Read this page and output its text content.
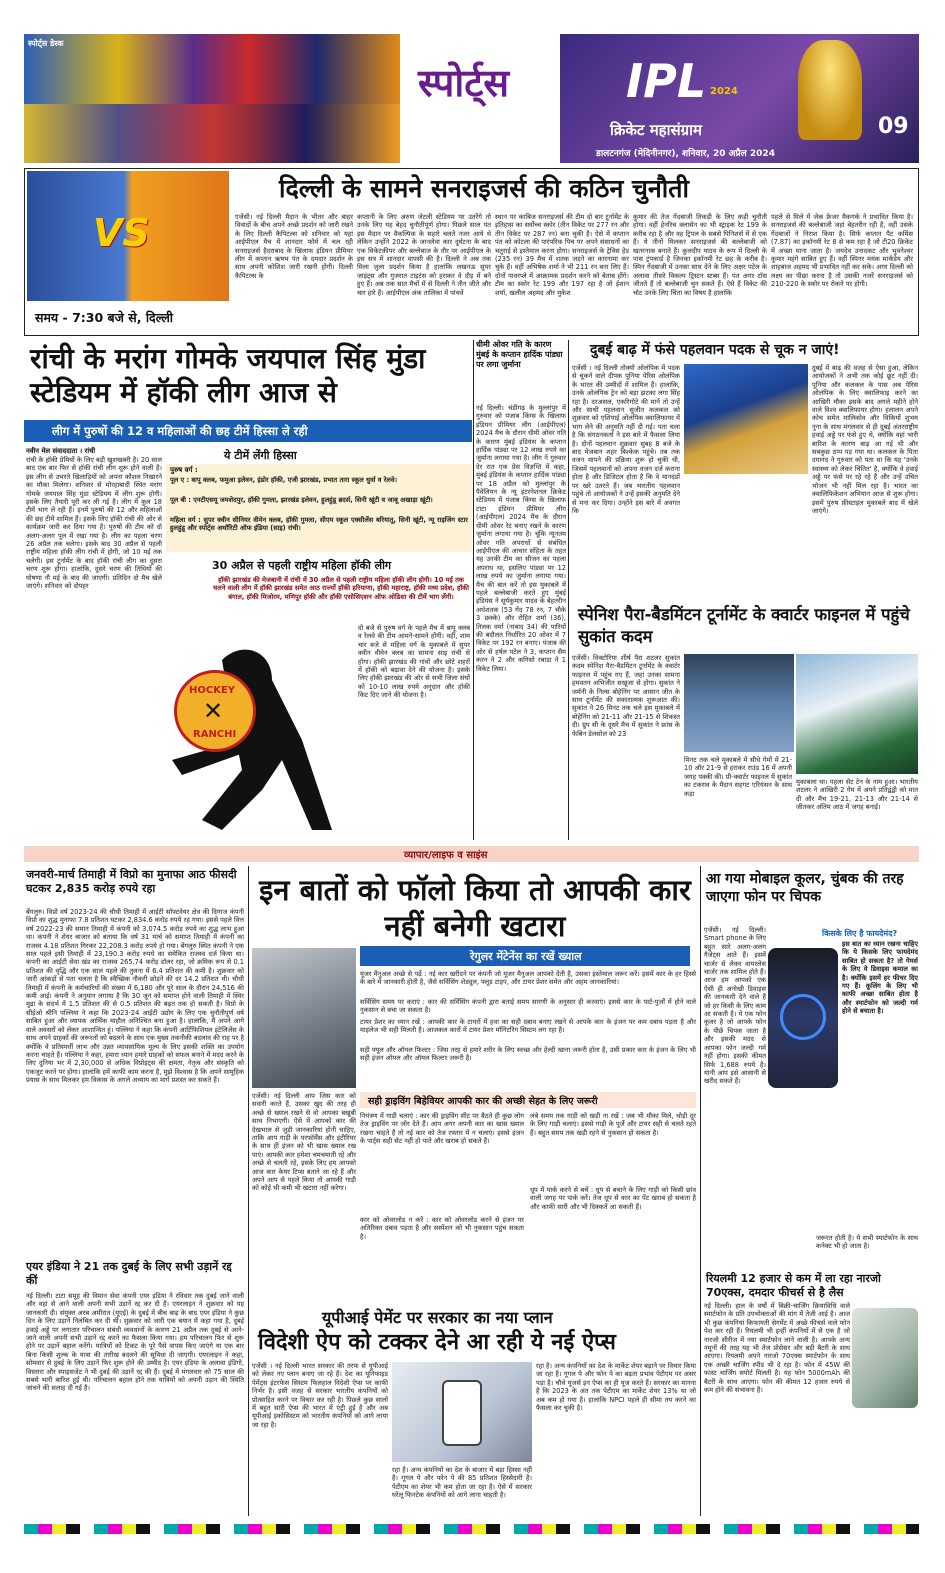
स्पोर्ट्स डेस्क
स्पोर्ट्स	IPL 2024
क्रिकेट महासंग्राम	09
डालटनगंज (मेदिनीनगर), शनिवार, 20 अप्रैल 2024
VS
समय - 7:30 बजे से, दिल्ली
दिल्ली के सामने सनराइजर्स की कठिन चुनौती
एजेंसी। नई दिल्ली मैदान के भीतर और बाहर विवादों के बीच अपने अच्छे प्रदर्शन को जारी रखने के लिए दिल्ली कैपिटल्स को शनिवार को यहां आईपीएल मैच में शानदार फॉर्म में चल रही सनराइजर्स हैदराबाद के खिलाफ इंडियन प्रीमियर लीग में कप्तान ऋषभ पंत के दमदार प्रदर्शन के साथ अपनी कोशिश जारी रखनी होगी। दिल्ली कैपिटल्स के
कप्तानी के लिए अरुण जेटली स्टेडियम पर उतरेंगे तो उनके लिए यह बेहद चुनौतीपूर्ण होगा। पिछले साल पंत इस मैदान पर वैकल्पिक के सहारे चलते नजर आये थे लेकिन उन्होंने 2022 के जानलेवा कार दुर्घटना के बाद एक विकेटकीपर और बल्लेबाज के तौर पर आईपीएल के इस सत्र में शानदार वापसी की है। दिल्ली ने अब तक मिला जुला प्रदर्शन किया है हालांकि लखनऊ सुपर जाइंट्स और गुजरात टाइटंस को हराकर वे दौड़ में बने हुए हैं। अब तक सात मैचों में से दिल्ली ने तीन जीते और चार हारे हैं। आईपीएल अंक तालिका में पांचवें
स्थान पर काबिज सनराइजर्स की टीम दो बार टूर्नामेंट के इतिहास का सर्वोच्च स्कोर (तीन विकेट पर 277 रन और तीन विकेट पर 287 रन) बना चुकी है। ऐसे में कप्तान पंत को कोटला की पारंपरिक पिच पर अपने संसाधनों का चतुराई से इस्तेमाल करना होगा। सनराइजर्स के ट्रेविस हेड (235 रन) 39 मैच में शतक जड़ने का कारनामा कर चुके हैं। वहीं अभिषेक शर्मा ने भी 211 रन बना लिए हैं। दोनों पावरप्ले में आक्रामक प्रदर्शन करने को बेताब होंगे। टीम का स्कोर रेट 199 और 197 रहा है जो ईशान शर्मा, खलील अहमद और मुकेश
कुमार की तेज गेंदबाजी तिकड़ी के लिए कड़ी चुनौती होगा। वहीं हेनरिच क्लासेन का भी स्ट्राइक रेट 199 के करीब रहा है और वह ट्रिपल के सबसे पिनिशर्स में से एक हैं। ये तीनों मिलकर सनराइजर्स की बल्लेबाजी को खतरनाक बनाते हैं। कुलदीप यादव के रूप में दिल्ली के पास ट्रंपकार्ड है जिनका इकॉनमी रेट छह के करीब है। स्पिन गेंदबाजी में उनका साथ देने के लिए अक्षर पटेल के अलावा तीसरे विकल्प ट्रिस्टन स्टब्स हैं। पंत अगर टॉस जीतते हैं तो बल्लेबाजी चुन सकते हैं। ऐसे हैं विकेट की चोट उनके लिए चिंता का विषय है हालांकि
पहले से मिले में जेक फ्रेजर मैकगर्क ने प्रभावित किया है। सनराइजर्स की बल्लेबाजी जहां बेहतरीन रही है, वहीं उसके गेंदबाजों ने निराश किया है। सिर्फ कप्तान पैट कमिंस (7.87) का इकॉनमी रेट 8 से कम रहा है जो टी20 क्रिकेट में अच्छा माना जाता है। जयदेव उनादकट और भुवनेश्वर कुमार महंगे साबित हुए हैं। वहीं स्पिनर मयंक मार्कंडेय और शाहबाज अहमद भी प्रभावित नहीं कर सके। अगर दिल्ली को लक्ष्य का पीछा करना है तो उसकी नजरें सनराइजर्स को 210-220 के स्कोर पर रोकने पर होगी।
रांची के मरांग गोमके जयपाल सिंह मुंडा स्टेडियम में हॉकी लीग आज से
लीग में पुरुषों की 12 व महिलाओं की छह टीमें हिस्सा ले रही
नवीन मेल संवाददाता । रांची
रांची के हॉकी प्रेमियों के लिए बड़ी खुशखबरी है। 20 साल बाद एक बार फिर से हॉकी रांची लीग शुरू होने वाली है। इस लीग से उभरते खिलाड़ियों को अपना कौशल निखारने का मौका मिलेगा। शनिवार से मोरहाबादी स्थित मरांग गोमके जयपाल सिंह मुंडा स्टेडियम में लीग शुरू होगी। इसके लिए तैयारी पूरी कर ली गई है। लीग में कुल 18 टीमें भाग ले रही हैं। इनमें पुरुषों की 12 और महिलाओं की छह टीमें शामिल हैं। इसके लिए हॉकी रांची की ओर से कार्यक्रम जारी कर दिया गया है। पुरुषों की टीम को दो अलग-अलग पूल में रखा गया है। लीग का पहला चरण 26 अप्रैल तक चलेगा। इसके बाद 30 अप्रैल से पहली राष्ट्रीय महिला हॉकी लीग रांची में होगी, जो 10 मई तक चलेगी। इस टूर्नामेंट के बाद हॉकी रांची लीग का दूसरा चरण शुरू होगा। हालांकि, दूसरे चरण की तिथियों की घोषणा नौ मई के बाद की जाएगी। प्रतिदिन दो मैच खेले जाएंगे। शनिवार को दोपहर
ये टीमें लेंगी हिस्सा
पुरुष वर्ग :
पूल ए : बापू क्लब, फमुआ इलेवन, इंडोर हॉकी, एजी झारखंड, प्रभात तारा स्कूल धुर्वा व रेलवे।
पूल बी : एनटीएसयू जमशेदपुर, हॉकी गुमला, झारखंड इलेवन, हुलहुंडू ब्रदर्स, सिनी खूंटी व जाबू अखाड़ा खूंटी।
महिला वर्ग : सुपर क्वीन सीनियर वीमेन क्लब, हॉकी गुमला, सीएम स्कूल एक्सीलेंस बरियातू, सिनी खूंटी, न्यू राइजिंग स्टार हुलहुंडू और स्पोर्ट्स अथॉरिटी ऑफ इंडिया (साइ) रांची।
30 अप्रैल से पहली राष्ट्रीय महिला हॉकी लीग
हॉकी झारखंड की मेजबानी में रांची में 30 अप्रैल से पहली राष्ट्रीय महिला हॉकी लीग होगी। 10 मई तक चलने वाली लीग में हॉकी झारखंड समेत आठ राज्यों हॉकी हरियाणा, हॉकी महाराष्ट्र, हॉकी मध्य प्रदेश, हॉकी बंगाल, हॉकी मिजोरम, मणिपुर हॉकी और हॉकी एसोसिएशन ऑफ ओडिशा की टीमें भाग लेंगी।
HOCKEY
RANCHI
✕
दो बजे से पुरुष वर्ग के पहले मैच में बापू क्लब व रेलवे की टीम आमने-सामने होंगी। वहीं, शाम चार बजे से महिला वर्ग के मुकाबले में सुपर क्वीन वीमेन क्लब का सामना साइ रांची से होगा। हॉकी झारखंड की गांवों और छोटे शहरों में हॉकी को बढ़ावा देने की योजना है। इसके लिए हॉकी झारखंड की ओर से सभी जिला संघों को 10-10 लाख रुपये अनुदान और हॉकी किट दिए जाने की योजना है।
धीमी ओवर गति के कारण मुंबई के कप्तान हार्दिक पांड्या पर लगा जुर्माना
नई दिल्ली। चंडीगढ़ के मुल्लांपुर में गुरुवार को पंजाब किंग्स के खिलाफ इंडियन प्रीमियर लीग (आईपीएल) 2024 मैच के दौरान धीमी ओवर गति के कारण मुंबई इंडियंस के कप्तान हार्दिक पांड्या पर 12 लाख रुपये का जुर्माना लगाया गया है। लीग ने गुरुवार देर रात एक प्रेस विज्ञप्ति में कहा, मुंबई इंडियंस के कप्तान हार्दिक पांड्या पर 18 अप्रैल को मुल्लांपुर के पैवेलियन के न्यू इंटरनेशनल क्रिकेट स्टेडियम में पंजाब किंग्स के खिलाफ टाटा इंडियन प्रीमियर लीग (आईपीएल) 2024 मैच के दौरान धीमी ओवर रेट बनाए रखने के कारण जुर्माना लगाया गया है। चूंकि न्यूनतम ओवर गति अपराधों से संबंधित आईपीएल की आचार संहिता के तहत यह उनकी टीम का सीजन का पहला अपराध था, इसलिए पांड्या पर 12 लाख रुपये का जुर्माना लगाया गया। मैच की बात करें तो इस मुकाबले में पहले बल्लेबाजी करते हुए मुंबई इंडियंस ने सूर्यकुमार यादव के बेहतरीन अर्धशतक (53 गेंद 78 रन, 7 चौके 3 छक्के) और रोहित शर्मा (36), तिलक वर्मा (नाबाद 34) की पारियों की बदौलत निर्धारित 20 ओवर में 7 विकेट पर 192 रन बनाए। पंजाब की ओर से हर्षल पटेल ने 3, कप्तान सैम करन ने 2 और कगिसो रबाडा ने 1 विकेट लिया।
दुबई बाढ़ में फंसे पहलवान पदक से चूक न जाएं!
एजेंसी । नई दिल्ली तोक्यो ओलंपिक में पदक से चूकने वाले दीपक पूनिया पेरिस ओलंपिक के भारत की उम्मीदों में शामिल हैं। हालांकि, उनके ओलंपिक ट्रेन को बड़ा झटका लगा सिंह रहा है। दरअसल, एकरिगोटे की मानें तो उन्हें और साथी पहलवान सुजीत कलकल को शुक्रवार को एशियाई ओलंपिक क्वालिफायर में भाग लेने की अनुमति नहीं दी गई। पता चला है कि संगठनकर्ता ने इस बारे में फैसला लिया है। दोनों पहलवान शुक्रवार सुबह 8 बजे के बाद मेजबान शहर बिश्केक पहुंचे। तब तक वजन मापने की प्रक्रिया शुरू हो चुकी थी, जिसमें पहलवानों को अपना वजन दर्ज कराना होता है और डिजिटल होता है कि वे मानदंडों पर खरे उतरते हैं। जब भारतीय पहलवान पहुंचे तो आयोजकों ने उन्हें इसकी अनुमति देने से मना कर दिया। उन्होंने इस बारे में अवगत कि
दुबई में बाढ़ की वजह से ऐसा हुआ, लेकिन आयोजकों ने अभी तक कोई छूट नहीं दी। पूनिया और कलकल के पास अब पेरिस ओलंपिक के लिए क्वालिफाइ करने का आखिरी मौका इसके बाद अगले महीने होने वाले विश्व क्वालिफायर होगा। हलालन अपने कोच समेत मालिकोव और विकियों शुभम नुना के साथ मंगलवार से ही दुबई अंतरराष्ट्रीय हवाई अड्डे पर फंसे हुए थे, क्योंकि वहां भारी बारिश के कारण बाढ़ आ गई थी और सबकुछ ठप्प पड़ गया था। कलकल के पिता दयानंद ने गुरुवार को पता था कि यह 'उनके स्वास्थ्य को लेकर चिंतित' है, क्योंकि वे हवाई अड्डे पर फंसे पर रहे रहे हैं और उन्हें उचित भोजन भी नहीं मिल रहा है। भारत का क्वालिफिकेशन अभियान आज से शुरू होगा। इसमें पुरुष फ्रीस्टाइल मुकाबले बाद में खेले जाएंगे।
स्पेनिश पैरा-बैडमिंटन टूर्नामेंट के क्वार्टर फाइनल में पहुंचे सुकांत कदम
एजेंसी। विक्टोरिया शीर्ष पैरा शटलर सुकांत कदम स्पेनिश पैरा-बैडमिंटन टूर्नामेंट के क्वार्टर फाइनल में पहुंच गए हैं, जहां उनका सामना हमवतन अभिजीत सखूजा से होगा। सुकांत ने जर्मनी के निल्स बोहेनिंग पर आसान जीत के साथ टूर्नामेंट की सकारात्मक शुरूआत की। सुकांत ने 26 मिनट तक चले इस मुकाबले में बोहेनिंग को 21-11 और 21-15 से शिकस्त दी। ग्रुप सी के दूसरे मैच में सुकांत ने फ्रांस के फेबिन डेलसोल को 23
मिनट तक चले मुकाबले में सीधे गेमों में 21-10 और 21-9 से हराकर राउंड 16 में अपनी जगह पक्की की। प्री-क्वार्टर फाइनल में सुकांत का टकराव के मैदान सहगट एरियंसन के साथ कड़ा
मुकाबला था। पहला सेट टेन के नाम हुआ। भारतीय शटलर ने आखिरी 2 गेम में अपने प्रतिद्वंद्वी को मात दी और मैच 19-21, 21-13 और 21-14 से जीतकर अंतिम आठ में जगह बनाई।
व्यापार/लाइफ व साइंस
जनवरी-मार्च तिमाही में विप्रो का मुनाफा आठ फीसदी घटकर 2,835 करोड़ रुपये रहा
बेंगलुरु। विप्रो वर्ष 2023-24 की चौथी तिमाही में आईटी सॉफ्टवेयर क्षेत्र की दिग्गज कंपनी विप्रो का शुद्ध मुनाफा 7.8 प्रतिशत घटकर 2,834.6 करोड़ रुपये रह गया। इससे पहले वित्त वर्ष 2022-23 की समान तिमाही में कंपनी को 3,074.5 करोड़ रुपये का शुद्ध लाभ हुआ था। कंपनी ने शेयर बाजार को बताया कि वर्ष 31 मार्च को समाप्त तिमाही में कंपनी का राजस्व 4.18 प्रतिशत गिरकर 22,208.3 करोड़ रुपये हो गया। बेंगलुरु स्थित कंपनी ने एक साल पहले इसी तिमाही में 23,190.3 करोड़ रुपये का समेकित राजस्व दर्ज किया था। कंपनी का आईटी सेवा खंड का राजस्व 265.74 करोड़ डॉलर रहा, जो क्रमिक रूप से 0.1 प्रतिशत की वृद्धि और एक साल पहले की तुलना में 6.4 प्रतिशत की कमी है। शुक्रवार को जारी आंकड़ों से पता चलता है कि स्वैच्छिक नौकरी छोड़ने की दर 14.2 प्रतिशत थी। चौथी तिमाही में कंपनी के कर्मचारियों की संख्या में 6,180 और पूरे साल के दौरान 24,516 की कमी आई। कंपनी ने अनुमान लगाया है कि 30 जून को समाप्त होने वाली तिमाही में स्थिर मुद्रा के संदर्भ में 1.5 प्रतिशत की से 0.5 प्रतिशत की बढ़त तक हो सकती है। विप्रो के सीईओ श्रीनि पल्लिया ने कहा कि 2023-24 आईटी उद्योग के लिए एक चुनौतीपूर्ण वर्ष साबित हुआ और व्यापक आर्थिक माहौल अनिश्चित बना हुआ है। हालांकि, मैं अपने आगे वाले अवसरों को लेकर आशान्वित हूं। पल्लिया ने कहा कि कंपनी आर्टिफिशियल इंटेलिजेंस के साथ अपने ग्राहकों की जरूरतों को बदलने के साथ एक मुख्य तकनीकी बदलाव की राह पर है क्योंकि वे प्रतिस्पर्धी लाभ और उन्नत व्यावसायिक मूल्य के लिए इसकी शक्ति का उपयोग करना चाहते हैं। पल्लिया ने कहा, हमारा ध्यान हमारे ग्राहकों को सफल बनाने में मदद करने के लिए दुनिया भर में 2,30,000 से अधिक विप्रोइट्स की क्षमता, नेतृत्व और संस्कृति को एकजुट करने पर होगा। हालांकि हमें काफी काम करना है, मुझे विश्वास है कि अपने सामूहिक प्रयास के साथ मिलकर हम विकास के अगले अध्याय का मार्ग प्रशस्त कर सकते हैं।
एयर इंडिया ने 21 तक दुबई के लिए सभी उड़ानें रद्द कीं
नई दिल्ली। टाटा समूह की विमान सेवा कंपनी एयर इंडिया ने रविवार तक दुबई जाने वाली और वहां से आने वाली अपनी सभी उड़ानें रद्द कर दी हैं। एयरलाइन ने शुक्रवार को यह जानकारी दी। संयुक्त अरब अमीरात (यूएई) के दुबई में बीच बाढ़ के बाद एयर इंडिया ने कुछ दिन के लिए उड़ानें निलंबित कर दी थीं। शुक्रवार को जारी एक बयान में कहा गया है, दुबई हवाई अड्डे पर लगातार परिचालन संबंधी व्यवधानों के कारण 21 अप्रैल तक दुबई से आने-जाने वाली अपनी सभी उड़ानें रद्द करने का फैसला किया गया। हम परिचालन फिर से शुरू होने पर उड़ानें बहाल करेंगे। यात्रियों को टिकट के पूरे पैसे वापस किए जाएंगे या एक बार बिना किसी शुल्क के यात्रा की तारीख बदलने की सुविधा दी जाएगी। एयरलाइन ने कहा, सोमवार से दुबई के लिए उड़ानें फिर शुरू होने की उम्मीद है। एयर इंडिया के अलावा इंडिगो, विस्तारा और स्पाइसजेट ने भी दुबई की उड़ानें रद्द की हैं। दुबई में मंगलवार को 75 साल की सबसे भारी बारिश हुई थी। परिचालन बहाल होने तक यात्रियों को अपनी उड़ान की स्थिति जांचने की सलाह दी गई है।
इन बातों को फॉलो किया तो आपकी कार नहीं बनेगी खटारा
रेगुलर मेंटेनेंस का रखें ख्याल
यूजर मैनुअल अच्छे से पढ़ें : नई कार खरीदने पर कंपनी जो यूजर मैनुअल आपको देती है, उसका इस्तेमाल जरूर करें। इसमें कार के हर हिस्से के बारे में जानकारी होती है, जैसे सर्विसिंग शेड्यूल, फ्लूड टाइप, और टायर प्रेशर समेत और अहम जानकारियां।
सर्विसिंग समय पर कराएं : कार की सर्विसिंग कंपनी द्वारा बताई समय सारणी के अनुसार ही करवाएं। इससे कार के पार्ट-पुर्जों में होने वाले नुकसान से बचा जा सकता है।
टायर प्रेशर का ध्यान रखें : आपकी कार के टायरों में हवा का सही दबाव बनाए रखने से आपके कार के इंजन पर कम दबाव पड़ता है और माइलेज भी सही मिलती है। आजकल कारों में टायर प्रेशर मॉनिटरिंग सिस्टम लग रहा है।
सही फ्यूल और ऑयल फिल्टर : जिस तरह से हमारे शरीर के लिए स्वच्छ और हेल्दी खाना जरूरी होता है, उसी प्रकार कार के इंजन के लिए भी सही इंजन ऑयल और ऑयल फिल्टर जरूरी है।
एजेंसी। नई दिल्ली आप जिस कार को सवारी करते हैं, उसका खुद की तरह ही अच्छे से ख्याल रखने से वो आपका बखूबी साथ निभाएगी। ऐसे में आपको कार की देखभाल से जुड़ी जानकारियां होनी चाहिए, ताकि आप गाड़ी के परफॉर्मेंस और इंटीरियर के साथ ही इंजन को भी खास ख्याल रख पाएं। आपकी कार हमेशा चमचमाती रहे और अच्छे से चलती रहे, इसके लिए हम आपको आज कार केयर टिप्स बताने जा रहे हैं और अपने आप से पहले किया तो आपकी गाड़ी को कोई भी कमी भी खटारा नहीं करेगा।
सही ड्राइविंग बिहेवियर आपकी कार की अच्छी सेहत के लिए जरूरी
नियंत्रण में गाड़ी चलाएं : कार की ड्राइविंग सीट पर बैठते ही कुछ लोग तेज ड्राइविंग पर जोर देते हैं। आप अगर अपनी कार का खास ख्याल रखना चाहते हैं तो नई कार को तेज रफ्तार में न चलाएं। इससे इंजन के पार्ट्स सही सेट नहीं हो पाते और खराब हो सकते हैं।
कार को ओवरलोड न करें : कार को ओवरलोड करने से इंजन पर अतिरिक्त दबाव पड़ता है और सस्पेंशन को भी नुकसान पहुंच सकता है।
लंबे समय तक गाड़ी को खड़ी ना रखें : जब भी मौका मिले, थोड़ी दूर के लिए गाड़ी चलाएं। इससे गाड़ी के पुर्जे और टायर सही से चलते रहते हैं। बहुत समय तक खड़ी रहने से नुकसान हो सकता है।
धूप में पार्क करने से बचें : धूप से बचाने के लिए गाड़ी को किसी छांव वाली जगह पर पार्क करें। तेज धूप से कार का पेंट खराब हो सकता है और काफी सारी और भी दिक्कतें आ सकती हैं।
यूपीआई पेमेंट पर सरकार का नया प्लान
विदेशी ऐप को टक्कर देने आ रही ये नई ऐप्स
एजेंसी । नई दिल्ली भारत सरकार की तरफ से यूपीआई को लेकर नए प्लान बनाए जा रहे हैं। देश का यूनिफाइड पेमेंट्स इंटरफेस सिस्टम फिलहाल विदेशी ऐप्स पर काफी निर्भर है। इसी वजह से सरकार भारतीय कंपनियों को प्रोत्साहित करने पर विचार कर रही है। पिछले कुछ सालों में बहुत सारी ऐप्स की भारत में एंट्री हुई है और अब यूपीआई इकोसिस्टम को भारतीय कंपनियों को आगे लाया जा रहा है।
रहा है। अन्य कंपनियों का देश के बाजार में बड़ा हिस्सा नहीं है। गूगल पे और फोन पे की 85 प्रतिशत हिस्सेदारी है। पेटीएम का शेयर भी कम होता जा रहा है। ऐसे में सरकार घरेलू फिनटेक कंपनियों को आगे लाना चाहती है।
रहा है। अन्य कंपनियों का देश के मार्केट शेयर बढ़ाने पर विचार किया जा रहा है। गूगल पे और फोन पे का बढ़ता प्रभाव पेटीएम पर असर पड़ा है। चौथे यूजर्स इन ऐप्स का ही यूज करते हैं। सरकार का मानना है कि 2023 के अंत तक पेटीएम का मार्केट शेयर 13% था जो अब कम हो गया है। हालांकि NPCI पहले ही सीमा तय करने का फैसला कर चुकी है।
आ गया मोबाइल कूलर, चुंबक की तरह जाएगा फोन पर चिपक
एजेंसी। नई दिल्ली। Smart phone के लिए बहुत सारे अलग-अलग गैजेट्स आते हैं। इसमें चार्जर से लेकर वायरलेस चार्जर तक शामिल होते हैं। आज हम आपको एक ऐसी ही अनोखी डिवाइस की जानकारी देने वाले हैं जो हर किसी के लिए काम आ सकती है। ये एक फोन कूलर है जो आपके फोन के पीछे चिपक जाता है और इसकी मदद से आपका फोन जल्दी गर्म नहीं होगा। इसकी कीमत सिर्फ 1,688 रुपये है। यानी आप इसे आसानी से खरीद सकते हैं।
किसके लिए है फायदेमंद?
इस बात का ध्यान रखना चाहिए कि ये किसके लिए फायदेमंद साबित हो सकता है? तो गेमर्स के लिए ये डिवाइस कमाल का है। क्योंकि इसमें हर फीचर दिए गए हैं। कूलिंग के लिए भी काफी अच्छा साबित होता है और स्मार्टफोन को जल्दी गर्म होने से बचाता है।
जरूरत होती है। ये सभी स्मार्टफोन के साथ कनेक्ट भी हो जाता है।
रियलमी 12 हजार से कम में ला रहा नारजो 70एक्स, दमदार फीचर्स से है लैस
नई दिल्ली। हाल के वर्षों में बिक्री-चार्जिंग क्रियाविधि वाले स्मार्टफोन के प्रति उपभोक्ताओं की मांग में तेजी आई है। आज भी कुछ कंपनियां किफायती सेगमेंट में अच्छे फीचर्स वाले फोन पेश कर रही हैं। रियलमी भी इन्हीं कंपनियों में से एक है जो नारजो सीरीज में नया स्मार्टफोन लाने वाली है। आपके अन्य नमूनों की तरह यह भी तेज प्रोसेसर और बड़ी बैटरी के साथ आएगा। रियलमी अपने नारजो 70एक्स स्मार्टफोन के साथ एक अच्छी चार्जिंग स्पीड भी दे रहा है। फोन में 45W की फास्ट चार्जिंग सपोर्ट मिलती है। यह फोन 5000mAh की बैटरी के साथ आएगा। फोन की कीमत 12 हजार रुपये से कम होने की संभावना है।
